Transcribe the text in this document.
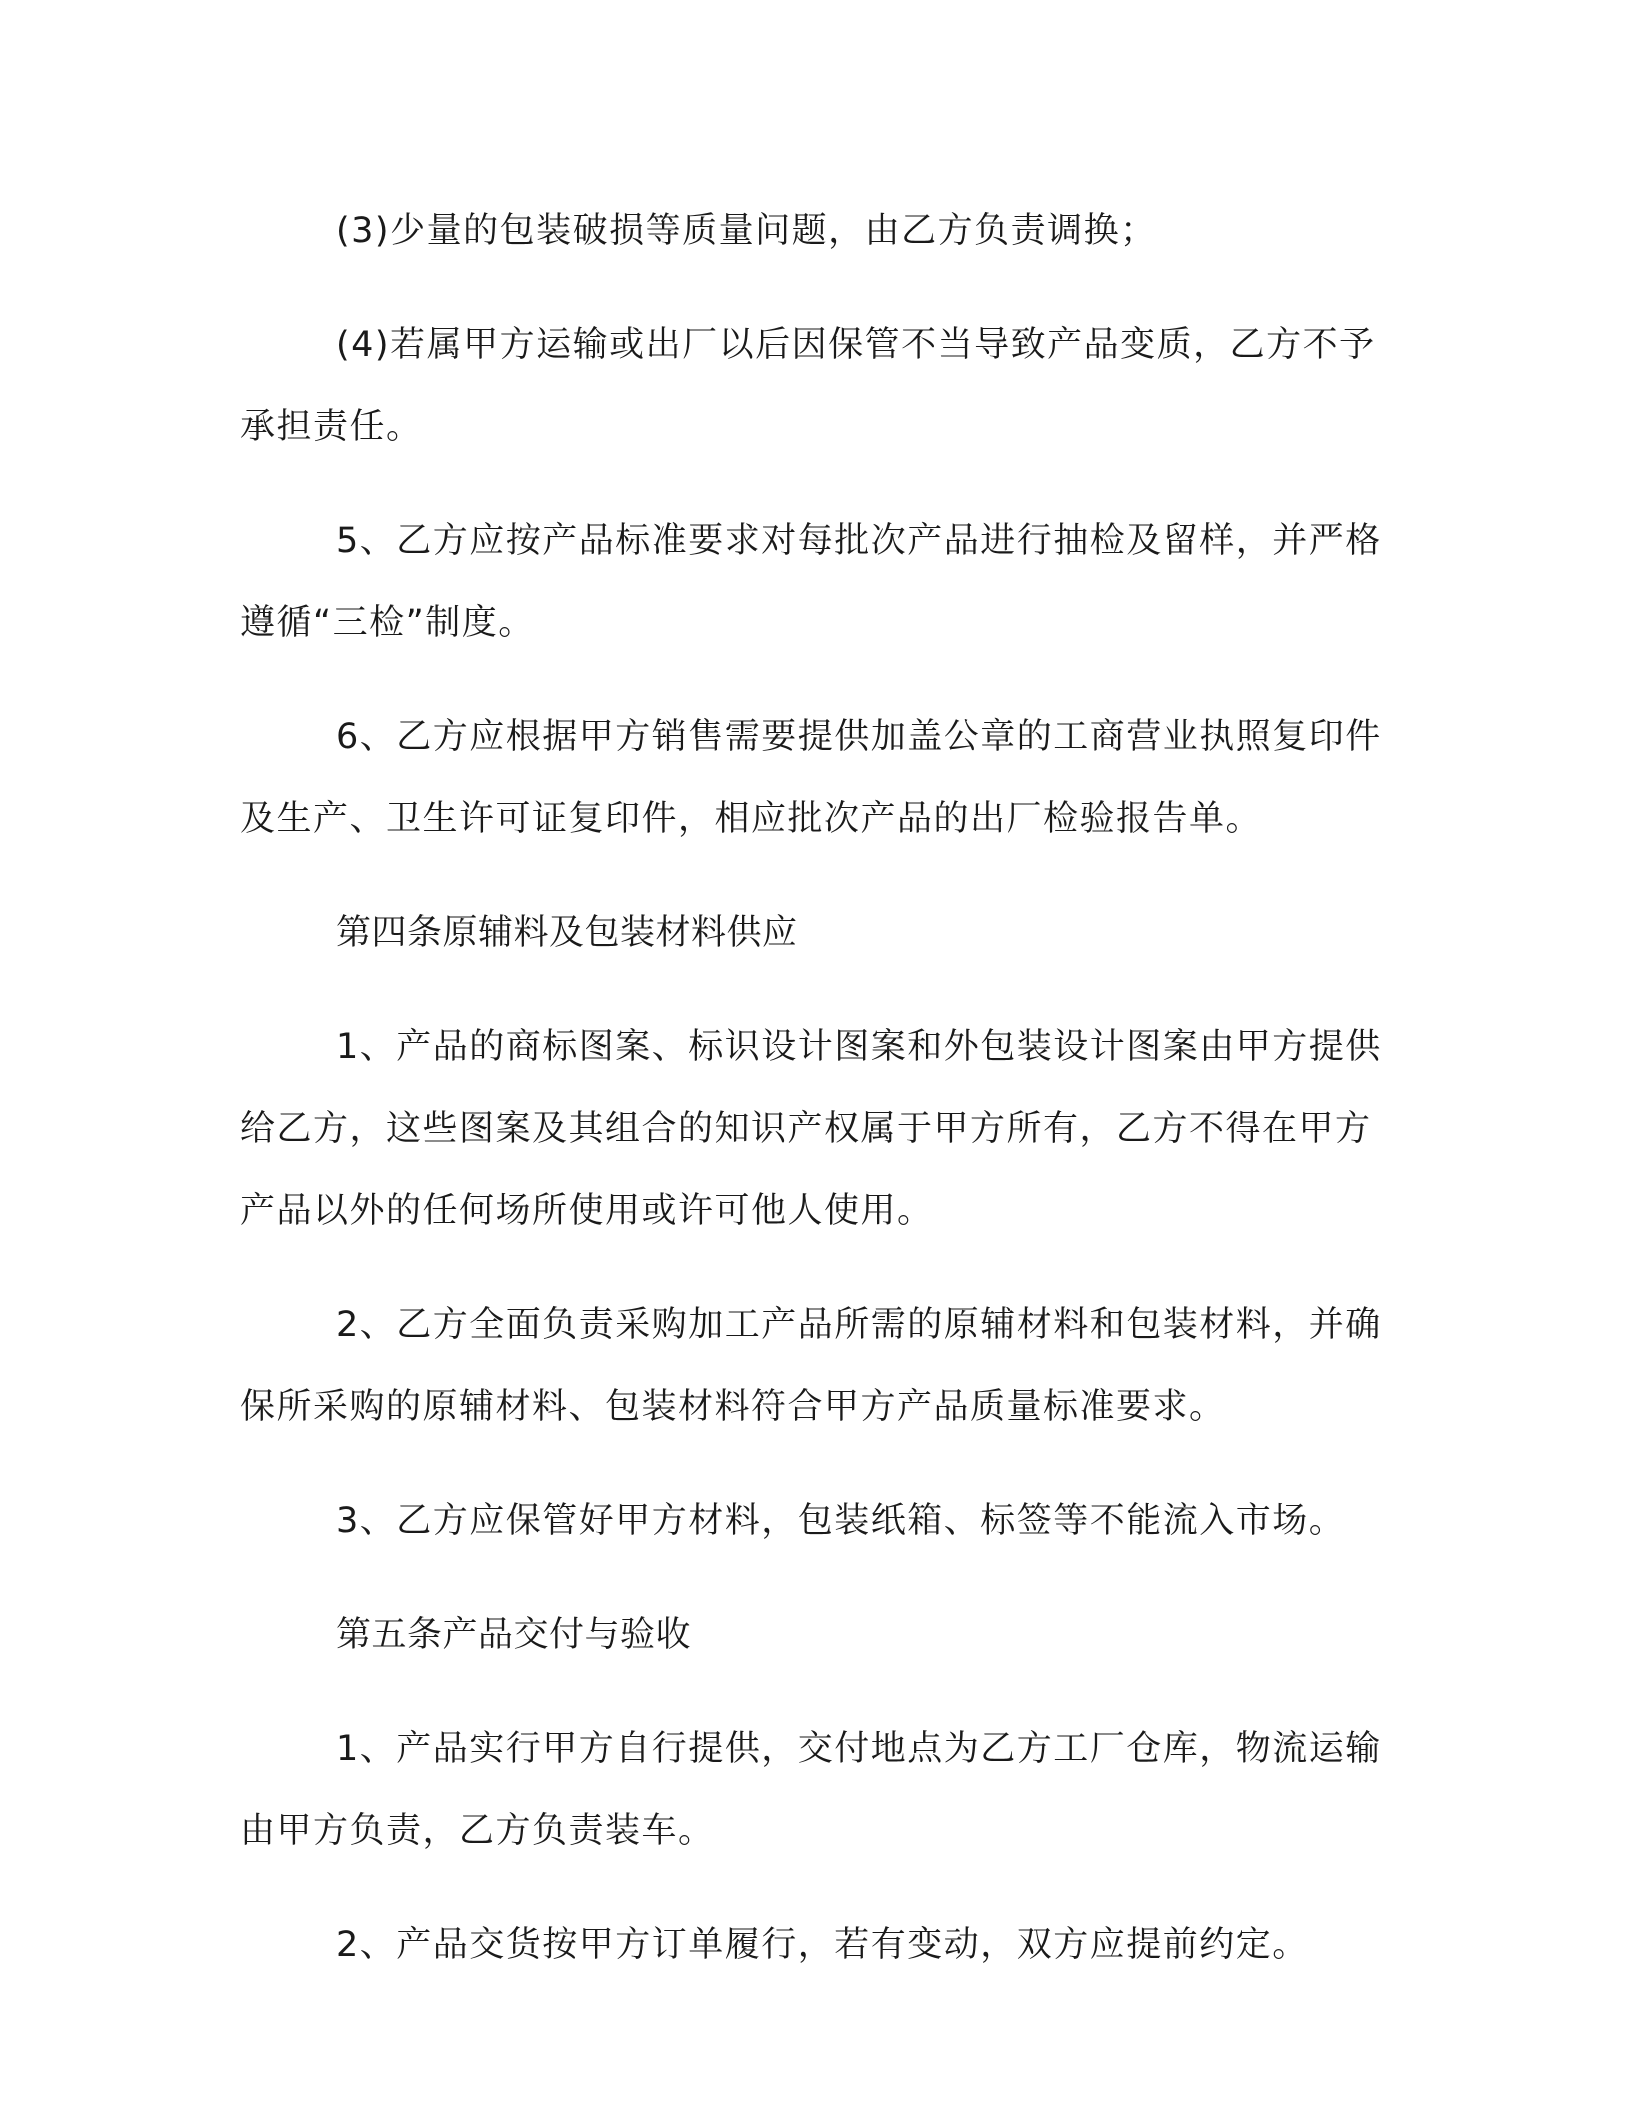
(3)少量的包装破损等质量问题，由乙方负责调换；

(4)若属甲方运输或出厂以后因保管不当导致产品变质，乙方不予承担责任。

5、乙方应按产品标准要求对每批次产品进行抽检及留样，并严格遵循“三检”制度。

6、乙方应根据甲方销售需要提供加盖公章的工商营业执照复印件及生产、卫生许可证复印件，相应批次产品的出厂检验报告单。

第四条原辅料及包装材料供应

1、产品的商标图案、标识设计图案和外包装设计图案由甲方提供给乙方，这些图案及其组合的知识产权属于甲方所有，乙方不得在甲方产品以外的任何场所使用或许可他人使用。

2、乙方全面负责采购加工产品所需的原辅材料和包装材料，并确保所采购的原辅材料、包装材料符合甲方产品质量标准要求。

3、乙方应保管好甲方材料，包装纸箱、标签等不能流入市场。

第五条产品交付与验收

1、产品实行甲方自行提供，交付地点为乙方工厂仓库，物流运输由甲方负责，乙方负责装车。

2、产品交货按甲方订单履行，若有变动，双方应提前约定。
